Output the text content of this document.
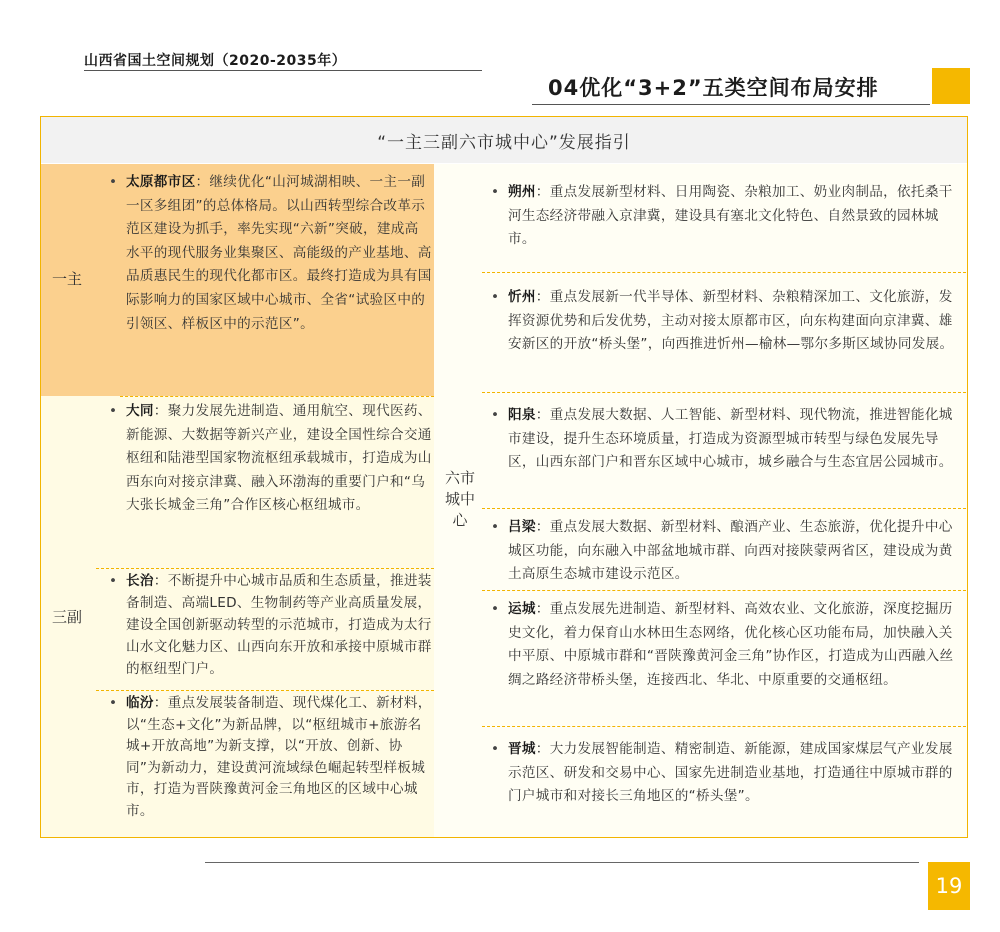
山西省国土空间规划（2020-2035年）
04优化“3+2”五类空间布局安排
“一主三副六市城中心”发展指引
一主
三副
六市城中心
• 太原都市区：继续优化“山河城湖相映、一主一副一区多组团”的总体格局。以山西转型综合改革示范区建设为抓手，率先实现“六新”突破，建成高水平的现代服务业集聚区、高能级的产业基地、高品质惠民生的现代化都市区。最终打造成为具有国际影响力的国家区域中心城市、全省“试验区中的引领区、样板区中的示范区”。
• 大同：聚力发展先进制造、通用航空、现代医药、新能源、大数据等新兴产业，建设全国性综合交通枢纽和陆港型国家物流枢纽承载城市，打造成为山西东向对接京津冀、融入环渤海的重要门户和“乌大张长城金三角”合作区核心枢纽城市。
• 长治：不断提升中心城市品质和生态质量，推进装备制造、高端LED、生物制药等产业高质量发展，建设全国创新驱动转型的示范城市，打造成为太行山水文化魅力区、山西向东开放和承接中原城市群的枢纽型门户。
• 临汾：重点发展装备制造、现代煤化工、新材料，以“生态+文化”为新品牌，以“枢纽城市+旅游名城+开放高地”为新支撑，以“开放、创新、协同”为新动力，建设黄河流域绿色崛起转型样板城市，打造为晋陕豫黄河金三角地区的区域中心城市。
• 朔州：重点发展新型材料、日用陶瓷、杂粮加工、奶业肉制品，依托桑干河生态经济带融入京津冀，建设具有塞北文化特色、自然景致的园林城市。
• 忻州：重点发展新一代半导体、新型材料、杂粮精深加工、文化旅游，发挥资源优势和后发优势，主动对接太原都市区，向东构建面向京津冀、雄安新区的开放“桥头堡”，向西推进忻州—榆林—鄂尔多斯区域协同发展。
• 阳泉：重点发展大数据、人工智能、新型材料、现代物流，推进智能化城市建设，提升生态环境质量，打造成为资源型城市转型与绿色发展先导区，山西东部门户和晋东区域中心城市，城乡融合与生态宜居公园城市。
• 吕梁：重点发展大数据、新型材料、酿酒产业、生态旅游，优化提升中心城区功能，向东融入中部盆地城市群、向西对接陕蒙两省区，建设成为黄土高原生态城市建设示范区。
• 运城：重点发展先进制造、新型材料、高效农业、文化旅游，深度挖掘历史文化，着力保育山水林田生态网络，优化核心区功能布局，加快融入关中平原、中原城市群和“晋陕豫黄河金三角”协作区，打造成为山西融入丝绸之路经济带桥头堡，连接西北、华北、中原重要的交通枢纽。
• 晋城：大力发展智能制造、精密制造、新能源，建成国家煤层气产业发展示范区、研发和交易中心、国家先进制造业基地，打造通往中原城市群的门户城市和对接长三角地区的“桥头堡”。
19
